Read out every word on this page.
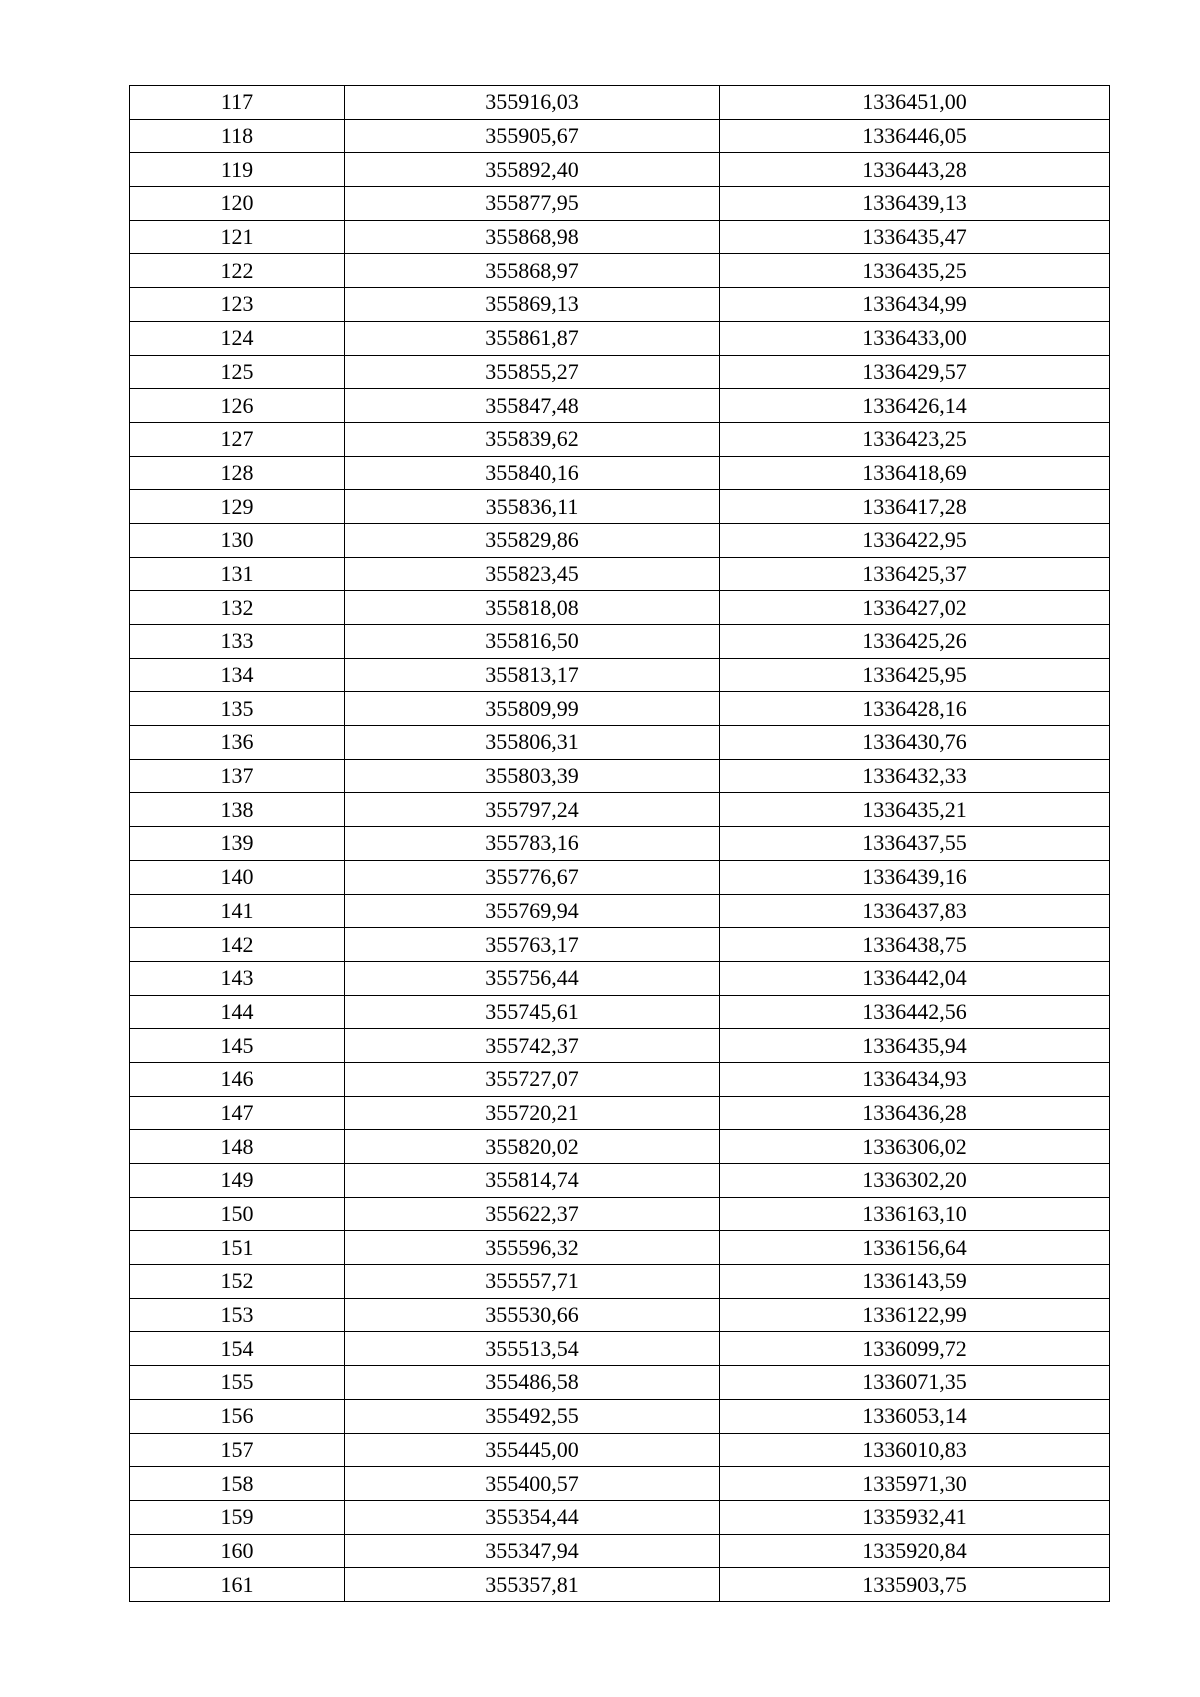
117	355916,03	1336451,00
118	355905,67	1336446,05
119	355892,40	1336443,28
120	355877,95	1336439,13
121	355868,98	1336435,47
122	355868,97	1336435,25
123	355869,13	1336434,99
124	355861,87	1336433,00
125	355855,27	1336429,57
126	355847,48	1336426,14
127	355839,62	1336423,25
128	355840,16	1336418,69
129	355836,11	1336417,28
130	355829,86	1336422,95
131	355823,45	1336425,37
132	355818,08	1336427,02
133	355816,50	1336425,26
134	355813,17	1336425,95
135	355809,99	1336428,16
136	355806,31	1336430,76
137	355803,39	1336432,33
138	355797,24	1336435,21
139	355783,16	1336437,55
140	355776,67	1336439,16
141	355769,94	1336437,83
142	355763,17	1336438,75
143	355756,44	1336442,04
144	355745,61	1336442,56
145	355742,37	1336435,94
146	355727,07	1336434,93
147	355720,21	1336436,28
148	355820,02	1336306,02
149	355814,74	1336302,20
150	355622,37	1336163,10
151	355596,32	1336156,64
152	355557,71	1336143,59
153	355530,66	1336122,99
154	355513,54	1336099,72
155	355486,58	1336071,35
156	355492,55	1336053,14
157	355445,00	1336010,83
158	355400,57	1335971,30
159	355354,44	1335932,41
160	355347,94	1335920,84
161	355357,81	1335903,75
